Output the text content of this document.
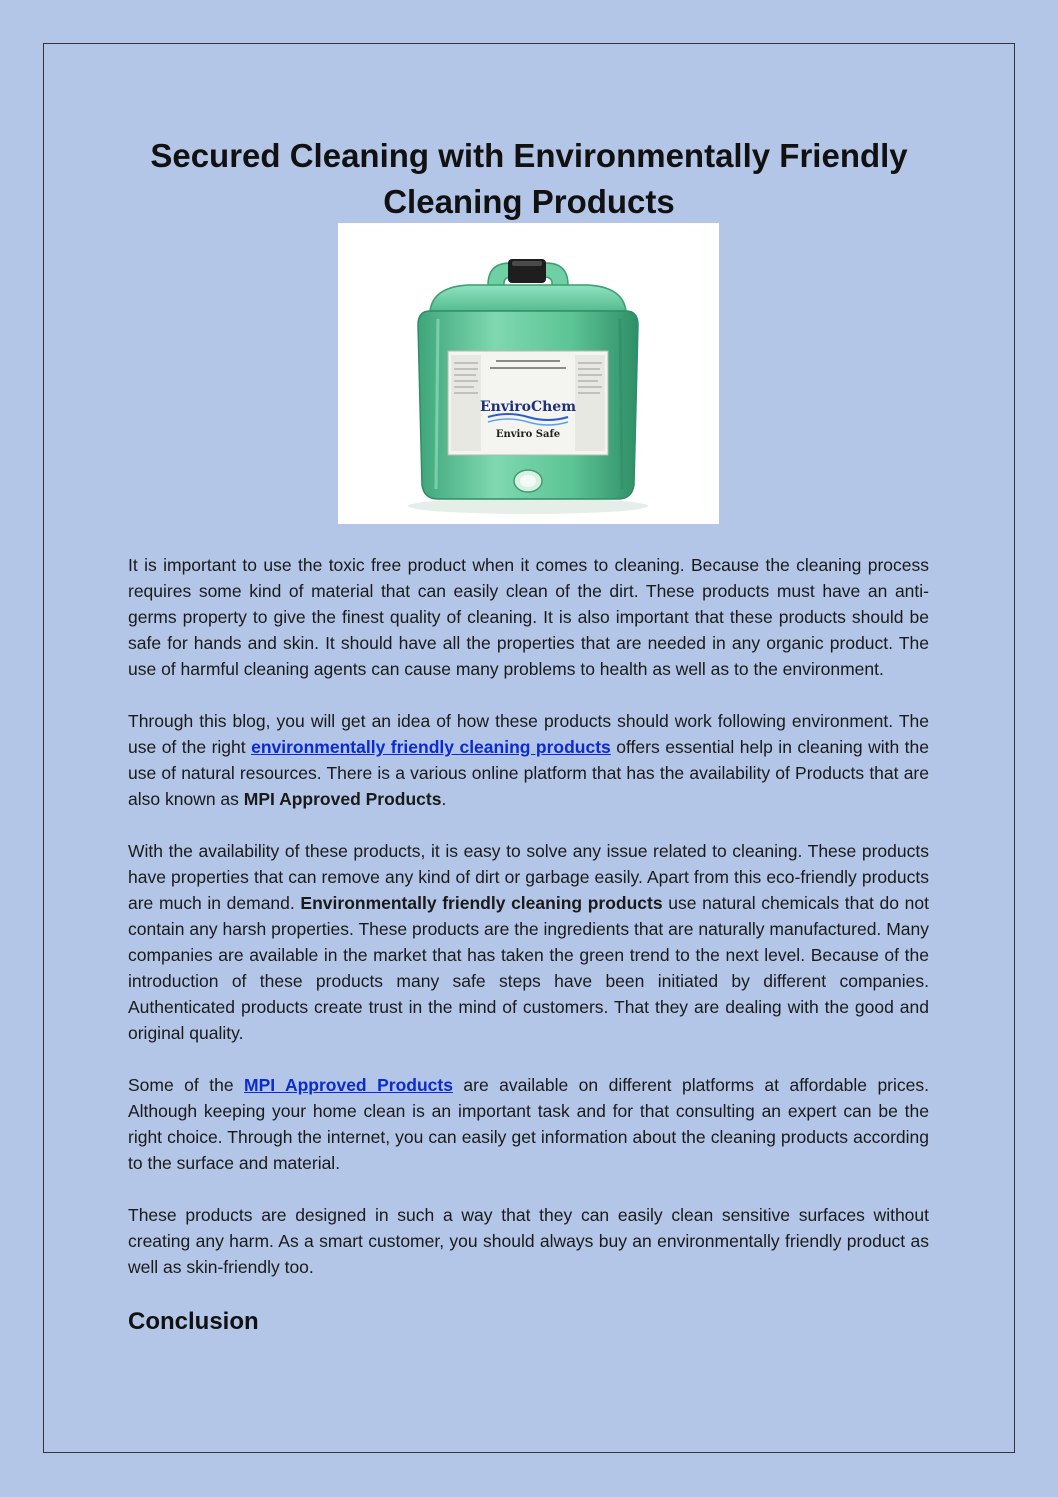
Secured Cleaning with Environmentally Friendly Cleaning Products
EnviroChem
Enviro Safe

It is important to use the toxic free product when it comes to cleaning. Because the cleaning process requires some kind of material that can easily clean of the dirt. These products must have an anti-germs property to give the finest quality of cleaning. It is also important that these products should be safe for hands and skin. It should have all the properties that are needed in any organic product. The use of harmful cleaning agents can cause many problems to health as well as to the environment.

Through this blog, you will get an idea of how these products should work following environment. The use of the right environmentally friendly cleaning products offers essential help in cleaning with the use of natural resources. There is a various online platform that has the availability of Products that are also known as MPI Approved Products.

With the availability of these products, it is easy to solve any issue related to cleaning. These products have properties that can remove any kind of dirt or garbage easily. Apart from this eco-friendly products are much in demand. Environmentally friendly cleaning products use natural chemicals that do not contain any harsh properties. These products are the ingredients that are naturally manufactured. Many companies are available in the market that has taken the green trend to the next level. Because of the introduction of these products many safe steps have been initiated by different companies. Authenticated products create trust in the mind of customers. That they are dealing with the good and original quality.

Some of the MPI Approved Products are available on different platforms at affordable prices. Although keeping your home clean is an important task and for that consulting an expert can be the right choice. Through the internet, you can easily get information about the cleaning products according to the surface and material.

These products are designed in such a way that they can easily clean sensitive surfaces without creating any harm. As a smart customer, you should always buy an environmentally friendly product as well as skin-friendly too.

Conclusion
